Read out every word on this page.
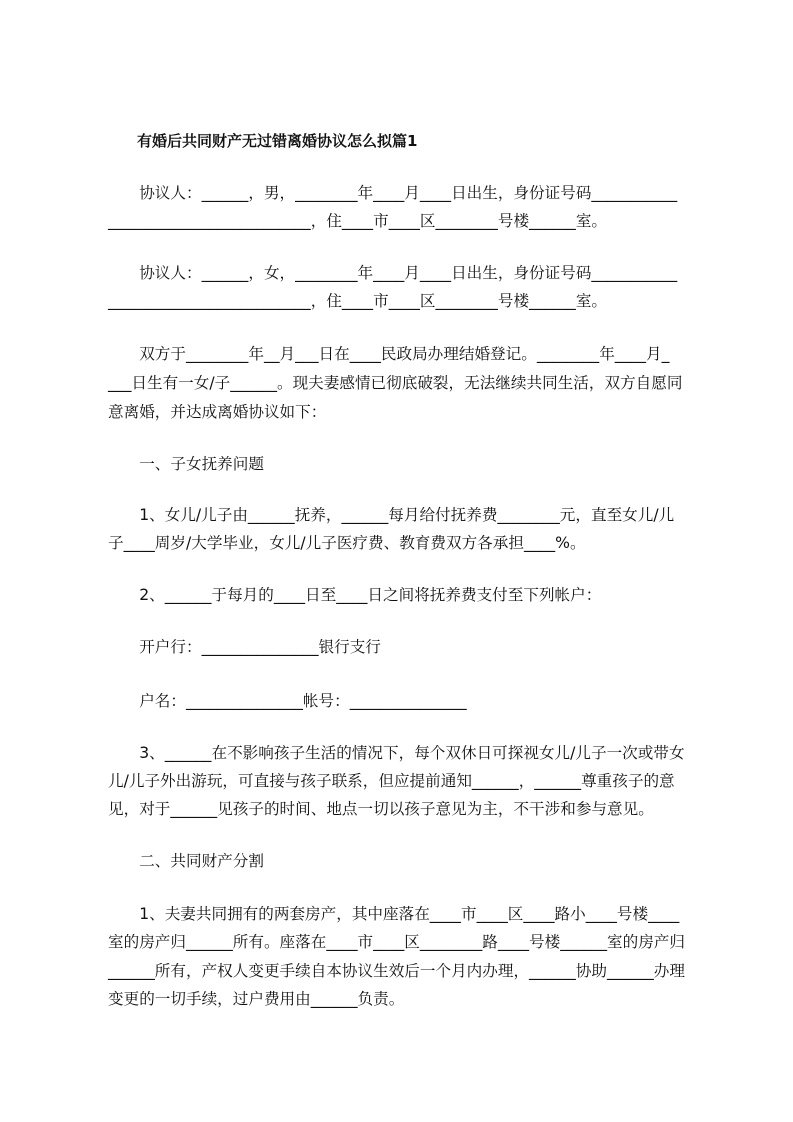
有婚后共同财产无过错离婚协议怎么拟篇1
　　协议人：______，男，________年____月____日出生，身份证号码___________
__________________________，住____市____区________号楼______室。
　　协议人：______，女，________年____月____日出生，身份证号码___________
__________________________，住____市____区________号楼______室。
　　双方于________年__月___日在____民政局办理结婚登记。________年____月_
___日生有一女/子______。现夫妻感情已彻底破裂，无法继续共同生活，双方自愿同
意离婚，并达成离婚协议如下：
　　一、子女抚养问题
　　1、女儿/儿子由______抚养，______每月给付抚养费________元，直至女儿/儿
子____周岁/大学毕业，女儿/儿子医疗费、教育费双方各承担____%。
　　2、______于每月的____日至____日之间将抚养费支付至下列帐户：
　　开户行：_______________银行支行
　　户名：_______________帐号：_______________
　　3、______在不影响孩子生活的情况下，每个双休日可探视女儿/儿子一次或带女
儿/儿子外出游玩，可直接与孩子联系，但应提前通知______，______尊重孩子的意
见，对于______见孩子的时间、地点一切以孩子意见为主，不干涉和参与意见。
　　二、共同财产分割
　　1、夫妻共同拥有的两套房产，其中座落在____市____区____路小____号楼____
室的房产归______所有。座落在____市____区________路____号楼______室的房产归
______所有，产权人变更手续自本协议生效后一个月内办理，______协助______办理
变更的一切手续，过户费用由______负责。
